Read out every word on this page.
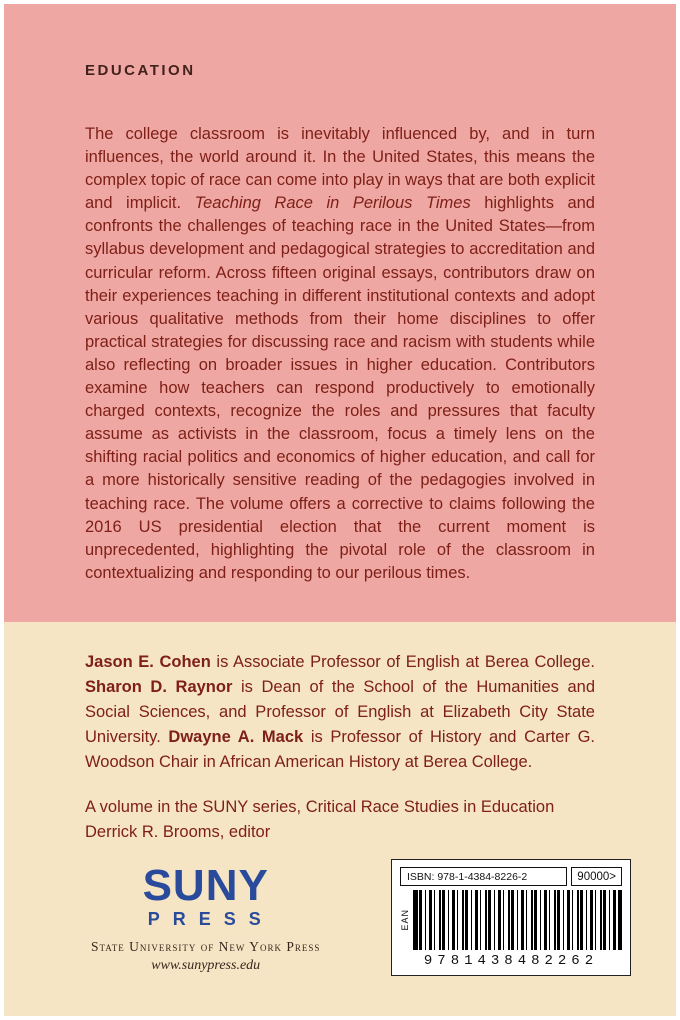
EDUCATION

The college classroom is inevitably influenced by, and in turn influences, the world around it. In the United States, this means the complex topic of race can come into play in ways that are both explicit and implicit. Teaching Race in Perilous Times highlights and confronts the challenges of teaching race in the United States—from syllabus development and pedagogical strategies to accreditation and curricular reform. Across fifteen original essays, contributors draw on their experiences teaching in different institutional contexts and adopt various qualitative methods from their home disciplines to offer practical strategies for discussing race and racism with students while also reflecting on broader issues in higher education. Contributors examine how teachers can respond productively to emotionally charged contexts, recognize the roles and pressures that faculty assume as activists in the classroom, focus a timely lens on the shifting racial politics and economics of higher education, and call for a more historically sensitive reading of the pedagogies involved in teaching race. The volume offers a corrective to claims following the 2016 US presidential election that the current moment is unprecedented, highlighting the pivotal role of the classroom in contextualizing and responding to our perilous times.

Jason E. Cohen is Associate Professor of English at Berea College. Sharon D. Raynor is Dean of the School of the Humanities and Social Sciences, and Professor of English at Elizabeth City State University. Dwayne A. Mack is Professor of History and Carter G. Woodson Chair in African American History at Berea College.

A volume in the SUNY series, Critical Race Studies in Education
Derrick R. Brooms, editor

SUNY
PRESS
State University of New York Press
www.sunypress.edu
ISBN: 978-1-4384-8226-2	90000>
EAN
9781438482262
